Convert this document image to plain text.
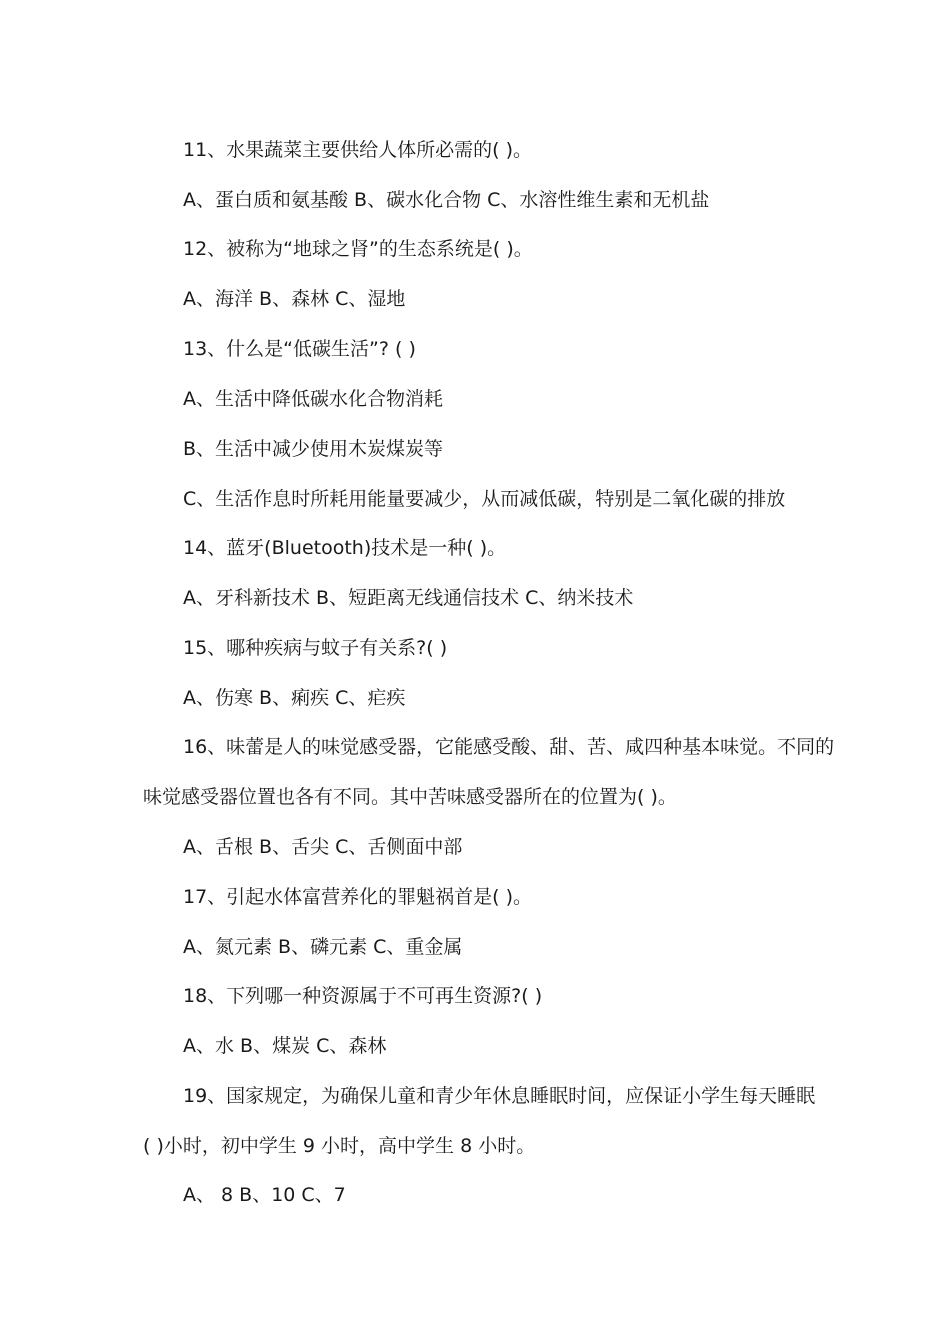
11、水果蔬菜主要供给人体所必需的( )。
A、蛋白质和氨基酸 B、碳水化合物 C、水溶性维生素和无机盐
12、被称为“地球之肾”的生态系统是( )。
A、海洋 B、森林 C、湿地
13、什么是“低碳生活”? ( )
A、生活中降低碳水化合物消耗
B、生活中减少使用木炭煤炭等
C、生活作息时所耗用能量要减少，从而减低碳，特别是二氧化碳的排放
14、蓝牙(Bluetooth)技术是一种( )。
A、牙科新技术 B、短距离无线通信技术 C、纳米技术
15、哪种疾病与蚊子有关系?( )
A、伤寒 B、痢疾 C、疟疾
16、味蕾是人的味觉感受器，它能感受酸、甜、苦、咸四种基本味觉。不同的
味觉感受器位置也各有不同。其中苦味感受器所在的位置为( )。
A、舌根 B、舌尖 C、舌侧面中部
17、引起水体富营养化的罪魁祸首是( )。
A、氮元素 B、磷元素 C、重金属
18、下列哪一种资源属于不可再生资源?( )
A、水 B、煤炭 C、森林
19、国家规定，为确保儿童和青少年休息睡眠时间，应保证小学生每天睡眠
( )小时，初中学生 9 小时，高中学生 8 小时。
A、 8 B、10 C、7
